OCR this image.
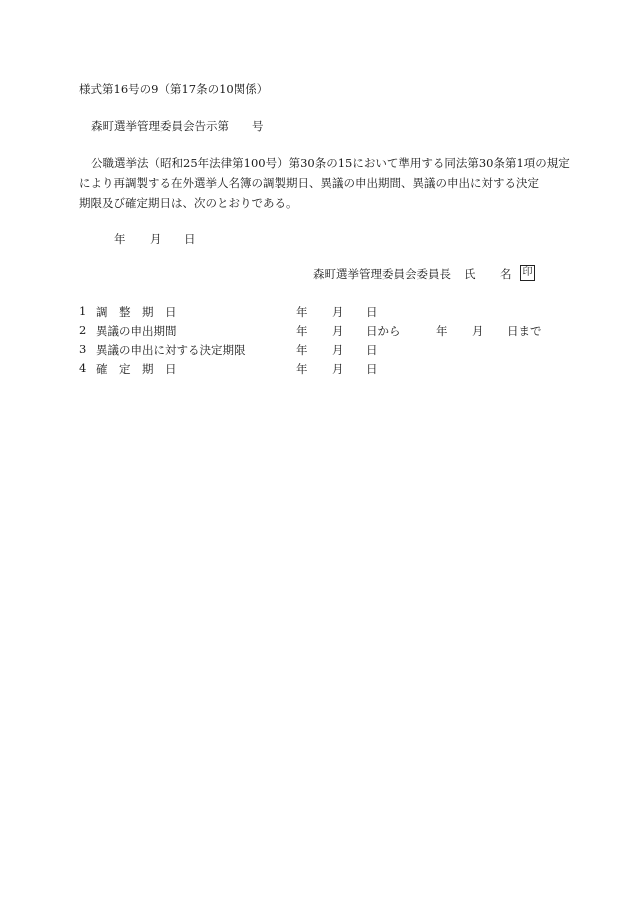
様式第16号の9（第17条の10関係）
森町選挙管理委員会告示第　　号
公職選挙法（昭和25年法律第100号）第30条の15において準用する同法第30条第1項の規定
により再調製する在外選挙人名簿の調製期日、異議の申出期間、異議の申出に対する決定
期限及び確定期日は、次のとおりである。
年 月 日
森町選挙管理委員会委員長 氏 名 印
1 調　整　期　日	年 月 日
2 異議の申出期間	年 月 日から	年 月 日まで
3 異議の申出に対する決定期限	年 月 日
4 確　定　期　日	年 月 日
